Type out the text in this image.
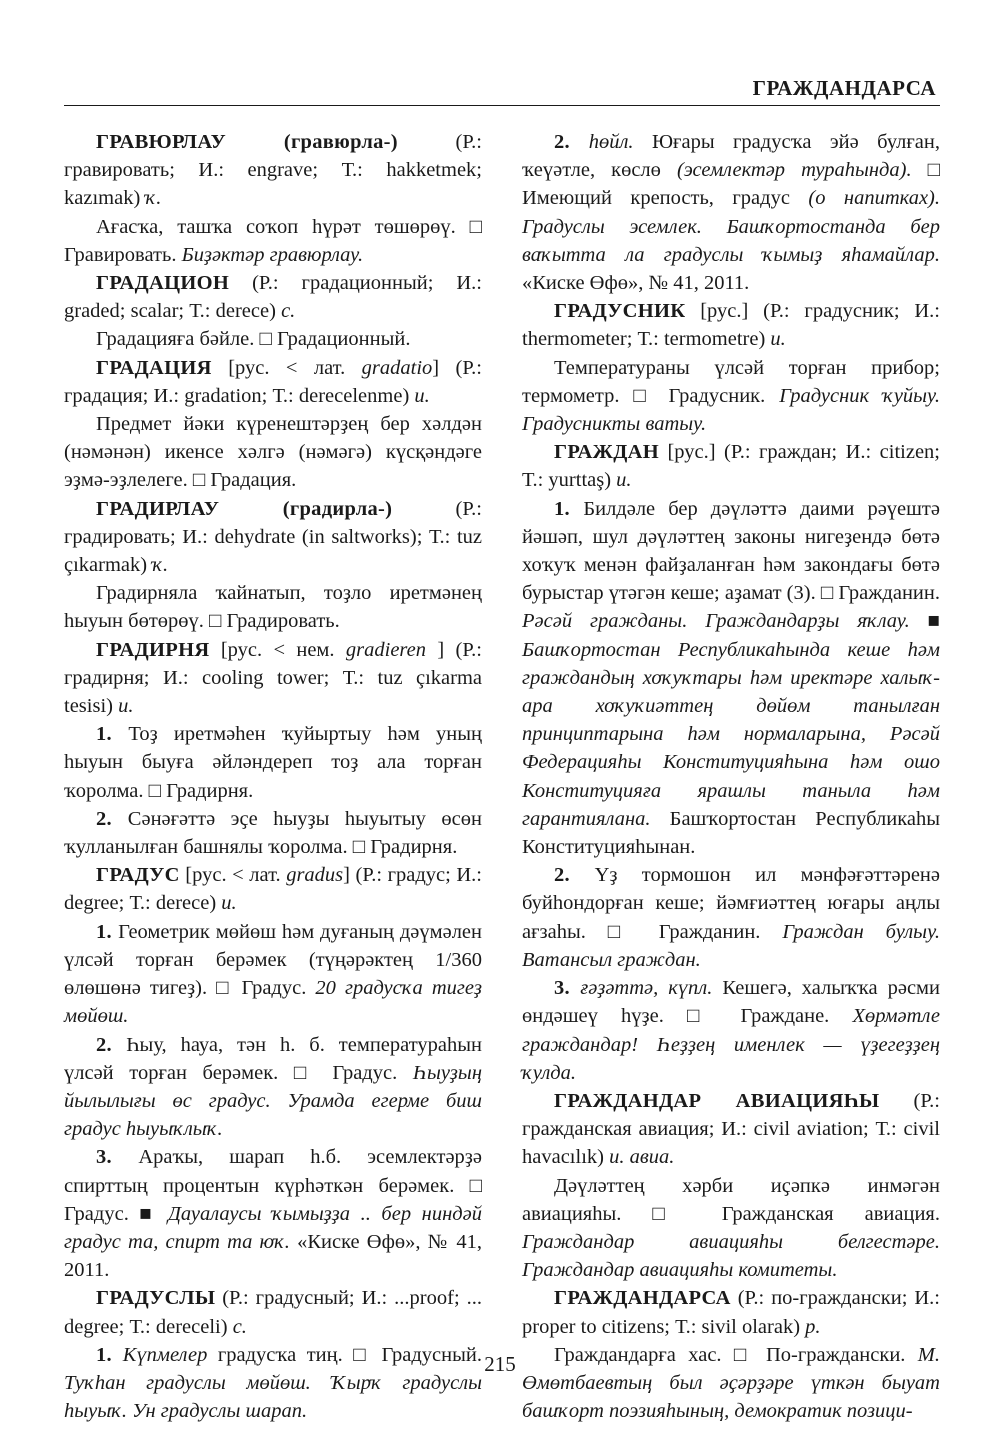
ГРАЖДАНДАРСА

ГРАВЮРЛАУ (гравюрла-) (Р.: гравировать; И.: engrave; Т.: hakketmek; kazımak) ҡ.

Ағасҡа, ташҡа соҡоп һүрәт төшөрөү. □ Гравировать. Биҙәктәр гравюрлау.

ГРАДАЦИОН (Р.: градационный; И.: graded; scalar; Т.: derece) с.

Градацияға бәйле. □ Градационный.

ГРАДАЦИЯ [рус. < лат. gradatio] (Р.: градация; И.: gradation; Т.: derecelenme) и.

Предмет йәки күренештәрҙең бер хәлдән (нәмәнән) икенсе хәлгә (нәмәгә) күсқәндәге эҙмә-эҙлелеге. □ Градация.

ГРАДИРЛАУ (градирла-) (Р.: градировать; И.: dehydrate (in saltworks); Т.: tuz çıkarmak) ҡ.

Градирняла ҡайнатып, тоҙло иретмәнең һыуын бөтөрөү. □ Градировать.

ГРАДИРНЯ [рус. < нем. gradieren ] (Р.: градирня; И.: cooling tower; Т.: tuz çıkarma tesisi) и.

1. Тоҙ иретмәһен ҡуйыртыу һәм уның һыуын быуға әйләндереп тоҙ ала торған ҡоролма. □ Градирня.

2. Сәнәғәттә эҫе һыуҙы һыуытыу өсөн ҡулланылған башнялы ҡоролма. □ Градирня.

ГРАДУС [рус. < лат. gradus] (Р.: градус; И.: degree; Т.: derece) и.

1. Геометрик мөйөш һәм дуғаның дәүмәлен үлсәй торған берәмек (түңәрәктең 1/360 өлөшөнә тигеҙ). □ Градус. 20 градусҡа тигеҙ мөйөш.

2. Һыу, һауа, тән һ. б. температураһын үлсәй торған берәмек. □ Градус. Һыуҙың йылылығы өс градус. Урамда егерме биш градус һыуыҡлыҡ.

3. Араҡы, шарап һ.б. эсемлектәрҙә спирттың процентын күрһәткән берәмек. □ Градус. ■ Дауалаусы ҡымыҙҙа .. бер ниндәй градус та, спирт та юҡ. «Киске Өфө», № 41, 2011.

ГРАДУСЛЫ (Р.: градусный; И.: ...proof; ... degree; Т.: dereceli) с.

1. Күпмелер градусҡа тиң. □ Градусный. Туҡһан градуслы мөйөш. Ҡырҡ градуслы һыуыҡ. Ун градуслы шарап.

2. һөйл. Юғары градусҡа эйә булған, ҡеүәтле, көслө (эсемлектәр тураһында). □ Имеющий крепость, градус (о напитках). Градуслы эсемлек. Башҡортостанда бер ваҡытта ла градуслы ҡымыҙ яһамайлар. «Киске Өфө», № 41, 2011.

ГРАДУСНИК [рус.] (Р.: градусник; И.: thermometer; Т.: termometre) и.

Температураны үлсәй торған прибор; термометр. □ Градусник. Градусник ҡуйыу. Градусникты ватыу.

ГРАЖДАН [рус.] (Р.: граждан; И.: citizen; Т.: yurttaş) и.

1. Билдәле бер дәүләттә даими рәүештә йәшәп, шул дәүләттең законы нигеҙендә бөтә хоҡуҡ менән файҙаланған һәм закондағы бөтә бурыстар үтәгән кеше; аҙамат (3). □ Гражданин. Рәсәй гражданы. Граждандарҙы яҡлау. ■ Башҡортостан Республикаһында кеше һәм граждандың хоҡуҡтары һәм иректәре халыҡ-ара хоҡуҡиәттең дөйөм танылған принциптарына һәм нормаларына, Рәсәй Федерацияһы Конституцияһына һәм ошо Конституцияға ярашлы таныла һәм гарантиялана. Башҡортостан Республикаһы Конституцияһынан.

2. Үҙ тормошон ил мәнфәғәттәренә буйһондорған кеше; йәмғиәттең юғары аңлы ағзаһы. □ Гражданин. Граждан булыу. Ватансыл граждан.

3. ғәҙәттә, күпл. Кешегә, халыҡҡа рәсми өндәшеү һүҙе. □ Граждане. Хөрмәтле граждандар! Һеҙҙең именлек — үҙегеҙҙең ҡулда.

ГРАЖДАНДАР АВИАЦИЯҺЫ (Р.: гражданская авиация; И.: civil aviation; Т.: civil havacılık) и. авиа.

Дәүләттең хәрби иҫәпкә инмәгән авиацияһы. □ Гражданская авиация. Граждандар авиацияһы белгестәре. Граждандар авиацияһы комитеты.

ГРАЖДАНДАРСА (Р.: по-граждански; И.: proper to citizens; Т.: sivil olarak) р.

Граждандарға хас. □ По-граждански. М. Өмөтбаевтың был әҫәрҙәре үткән быуат башҡорт поэзияһының, демократик позици-

215
